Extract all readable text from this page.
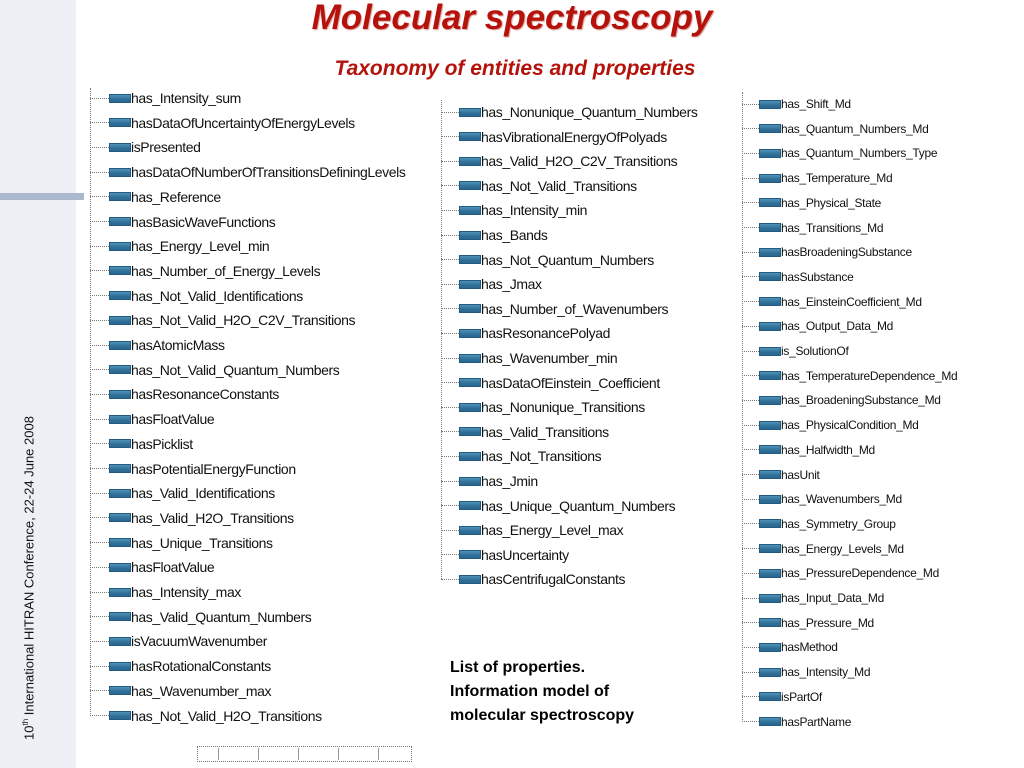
10th International HITRAN Conference, 22-24 June 2008
Molecular spectroscopy
Taxonomy of entities and properties
has_Intensity_sum
hasDataOfUncertaintyOfEnergyLevels
isPresented
hasDataOfNumberOfTransitionsDefiningLevels
has_Reference
hasBasicWaveFunctions
has_Energy_Level_min
has_Number_of_Energy_Levels
has_Not_Valid_Identifications
has_Not_Valid_H2O_C2V_Transitions
hasAtomicMass
has_Not_Valid_Quantum_Numbers
hasResonanceConstants
hasFloatValue
hasPicklist
hasPotentialEnergyFunction
has_Valid_Identifications
has_Valid_H2O_Transitions
has_Unique_Transitions
hasFloatValue
has_Intensity_max
has_Valid_Quantum_Numbers
isVacuumWavenumber
hasRotationalConstants
has_Wavenumber_max
has_Not_Valid_H2O_Transitions
has_Nonunique_Quantum_Numbers
hasVibrationalEnergyOfPolyads
has_Valid_H2O_C2V_Transitions
has_Not_Valid_Transitions
has_Intensity_min
has_Bands
has_Not_Quantum_Numbers
has_Jmax
has_Number_of_Wavenumbers
hasResonancePolyad
has_Wavenumber_min
hasDataOfEinstein_Coefficient
has_Nonunique_Transitions
has_Valid_Transitions
has_Not_Transitions
has_Jmin
has_Unique_Quantum_Numbers
has_Energy_Level_max
hasUncertainty
hasCentrifugalConstants
has_Shift_Md
has_Quantum_Numbers_Md
has_Quantum_Numbers_Type
has_Temperature_Md
has_Physical_State
has_Transitions_Md
hasBroadeningSubstance
hasSubstance
has_EinsteinCoefficient_Md
has_Output_Data_Md
is_SolutionOf
has_TemperatureDependence_Md
has_BroadeningSubstance_Md
has_PhysicalCondition_Md
has_Halfwidth_Md
hasUnit
has_Wavenumbers_Md
has_Symmetry_Group
has_Energy_Levels_Md
has_PressureDependence_Md
has_Input_Data_Md
has_Pressure_Md
hasMethod
has_Intensity_Md
isPartOf
hasPartName
List of properties.
Information model of
molecular spectroscopy
